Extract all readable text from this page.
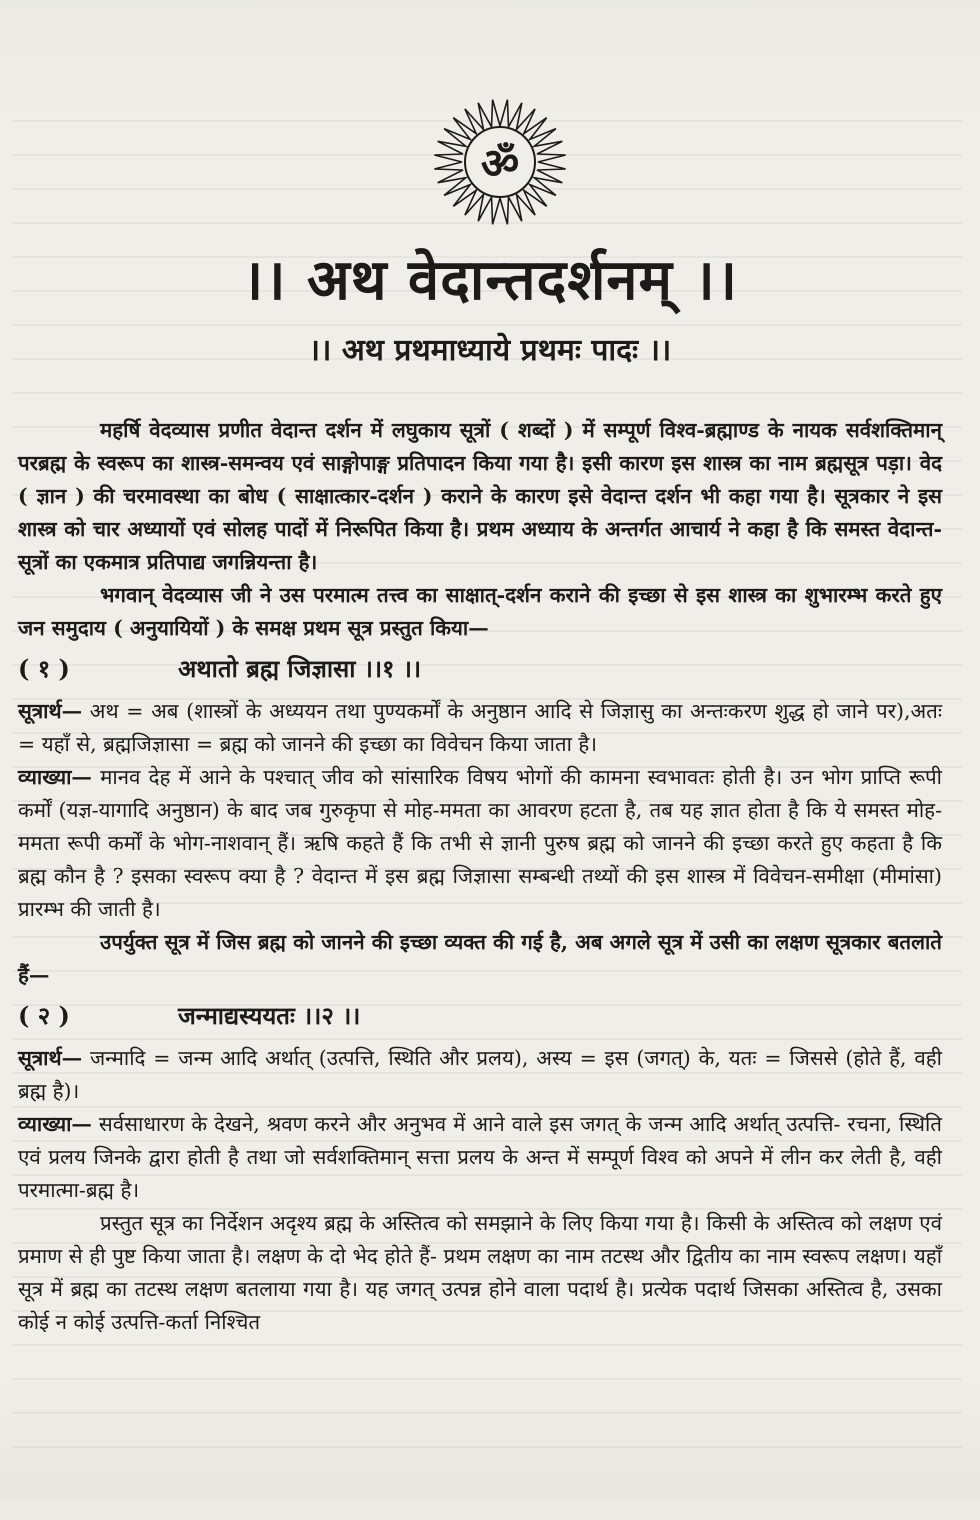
ॐ
।। अथ वेदान्तदर्शनम् ।।
।। अथ प्रथमाध्याये प्रथमः पादः ।।

महर्षि वेदव्यास प्रणीत वेदान्त दर्शन में लघुकाय सूत्रों ( शब्दों ) में सम्पूर्ण विश्व-ब्रह्माण्ड के नायक सर्वशक्तिमान् परब्रह्म के स्वरूप का शास्त्र-समन्वय एवं साङ्गोपाङ्ग प्रतिपादन किया गया है। इसी कारण इस शास्त्र का नाम ब्रह्मसूत्र पड़ा। वेद ( ज्ञान ) की चरमावस्था का बोध ( साक्षात्कार-दर्शन ) कराने के कारण इसे वेदान्त दर्शन भी कहा गया है। सूत्रकार ने इस शास्त्र को चार अध्यायों एवं सोलह पादों में निरूपित किया है। प्रथम अध्याय के अन्तर्गत आचार्य ने कहा है कि समस्त वेदान्त-सूत्रों का एकमात्र प्रतिपाद्य जगन्नियन्ता है।

भगवान् वेदव्यास जी ने उस परमात्म तत्त्व का साक्षात्-दर्शन कराने की इच्छा से इस शास्त्र का शुभारम्भ करते हुए जन समुदाय ( अनुयायियों ) के समक्ष प्रथम सूत्र प्रस्तुत किया—

( १ )	अथातो ब्रह्म जिज्ञासा ।।१ ।।

सूत्रार्थ— अथ = अब (शास्त्रों के अध्ययन तथा पुण्यकर्मों के अनुष्ठान आदि से जिज्ञासु का अन्तःकरण शुद्ध हो जाने पर),अतः = यहाँ से, ब्रह्मजिज्ञासा = ब्रह्म को जानने की इच्छा का विवेचन किया जाता है।

व्याख्या— मानव देह में आने के पश्चात् जीव को सांसारिक विषय भोगों की कामना स्वभावतः होती है। उन भोग प्राप्ति रूपी कर्मों (यज्ञ-यागादि अनुष्ठान) के बाद जब गुरुकृपा से मोह-ममता का आवरण हटता है, तब यह ज्ञात होता है कि ये समस्त मोह-ममता रूपी कर्मों के भोग-नाशवान् हैं। ऋषि कहते हैं कि तभी से ज्ञानी पुरुष ब्रह्म को जानने की इच्छा करते हुए कहता है कि ब्रह्म कौन है ? इसका स्वरूप क्या है ? वेदान्त में इस ब्रह्म जिज्ञासा सम्बन्धी तथ्यों की इस शास्त्र में विवेचन-समीक्षा (मीमांसा) प्रारम्भ की जाती है।

उपर्युक्त सूत्र में जिस ब्रह्म को जानने की इच्छा व्यक्त की गई है, अब अगले सूत्र में उसी का लक्षण सूत्रकार बतलाते हैं—

( २ )	जन्माद्यस्ययतः ।।२ ।।

सूत्रार्थ— जन्मादि = जन्म आदि अर्थात् (उत्पत्ति, स्थिति और प्रलय), अस्य = इस (जगत्) के, यतः = जिससे (होते हैं, वही ब्रह्म है)।

व्याख्या— सर्वसाधारण के देखने, श्रवण करने और अनुभव में आने वाले इस जगत् के जन्म आदि अर्थात् उत्पत्ति- रचना, स्थिति एवं प्रलय जिनके द्वारा होती है तथा जो सर्वशक्तिमान् सत्ता प्रलय के अन्त में सम्पूर्ण विश्व को अपने में लीन कर लेती है, वही परमात्मा-ब्रह्म है।

प्रस्तुत सूत्र का निर्देशन अदृश्य ब्रह्म के अस्तित्व को समझाने के लिए किया गया है। किसी के अस्तित्व को लक्षण एवं प्रमाण से ही पुष्ट किया जाता है। लक्षण के दो भेद होते हैं- प्रथम लक्षण का नाम तटस्थ और द्वितीय का नाम स्वरूप लक्षण। यहाँ सूत्र में ब्रह्म का तटस्थ लक्षण बतलाया गया है। यह जगत् उत्पन्न होने वाला पदार्थ है। प्रत्येक पदार्थ जिसका अस्तित्व है, उसका कोई न कोई उत्पत्ति-कर्ता निश्चित
